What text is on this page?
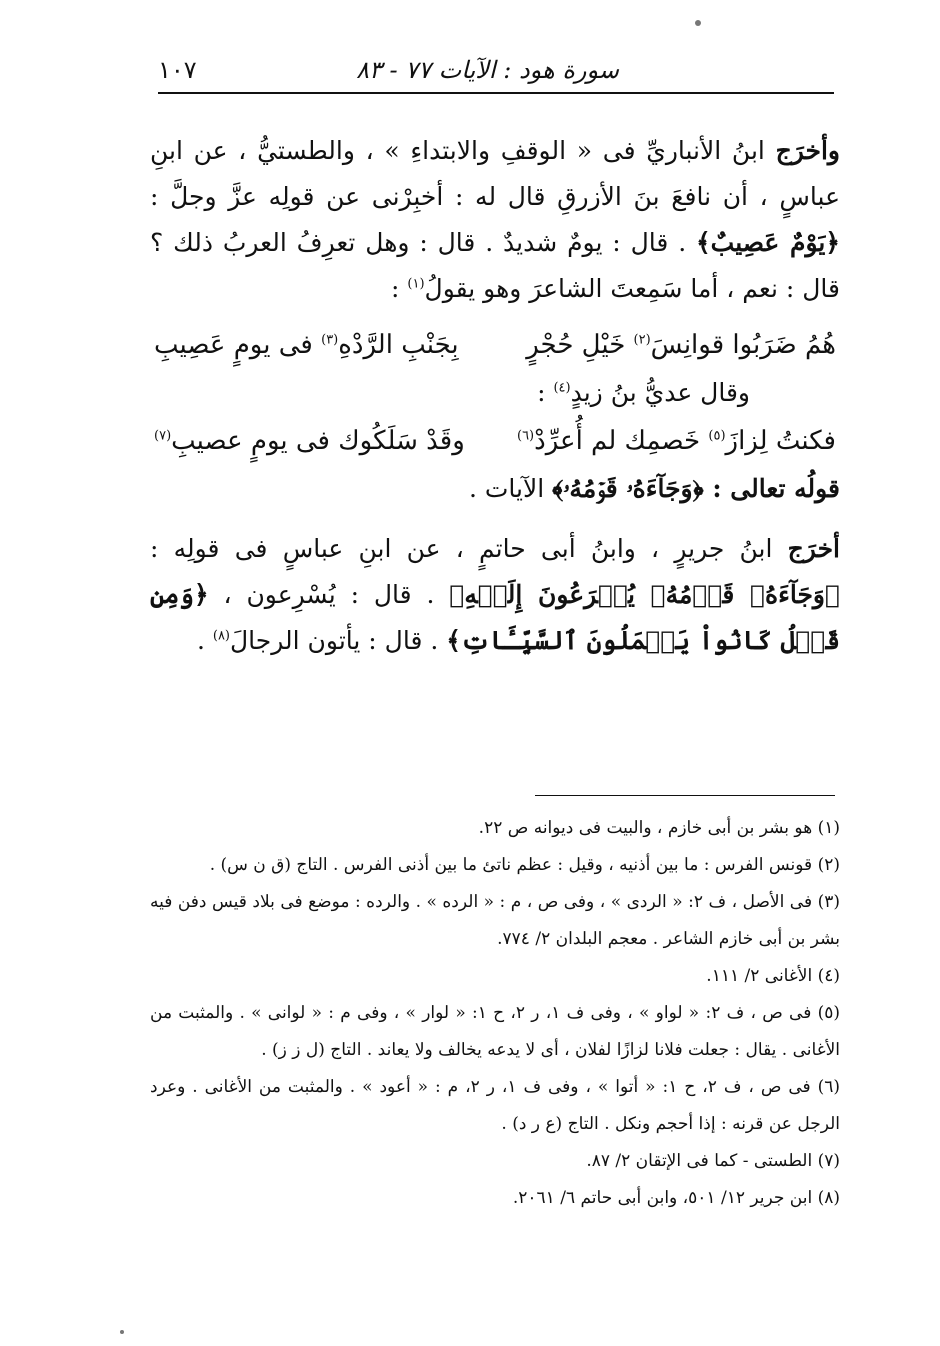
سورة هود : الآيات ٧٧ - ٨٣
١٠٧

وأخرَج ابنُ الأنباريِّ فى « الوقفِ والابتداءِ » ، والطستيُّ ، عن ابنِ عباسٍ ، أن نافعَ بنَ الأزرقِ قال له : أخبِرْنى عن قولِه عزَّ وجلَّ : ﴿يَوْمٌ عَصِيبٌ﴾ . قال : يومٌ شديدٌ . قال : وهل تعرِفُ العربُ ذلك ؟ قال : نعم ، أما سَمِعتَ الشاعرَ وهو يقولُ$^{(١)}$ :

هُمُ ضَرَبُوا قوانِسَ$^{(٢)}$ خَيْلِ حُجْرٍ
بِجَنْبِ الرَّدْهِ$^{(٣)}$ فى يومٍ عَصِيبِ

وقال عديُّ بنُ زيدٍ$^{(٤)}$ :

فكنتُ لِزازَ$^{(٥)}$ خَصمِك لم أُعرِّدْ$^{(٦)}$
وقَدْ سَلَكُوك فى يومٍ عصيبِ$^{(٧)}$

قولُه تعالى : ﴿وَجَآءَهُۥ قَوۡمُهُۥ﴾ الآيات .

أخرَج ابنُ جريرٍ ، وابنُ أبى حاتمٍ ، عن ابنِ عباسٍ فى قولِه : ﴿وَجَآءَهُۥ قَوۡمُهُۥ يُهۡرَعُونَ إِلَيۡهِ﴾ . قال : يُسْرِعون ، ﴿وَمِن قَبۡلُ كَانُواْ يَعۡمَلُونَ ٱلسَّيِّـَٔاتِ﴾ . قال : يأتون الرجالَ$^{(٨)}$ .

(١) هو بشر بن أبى خازم ، والبيت فى ديوانه ص ٢٢.

(٢) قونس الفرس : ما بين أذنيه ، وقيل : عظم ناتئ ما بين أذنى الفرس . التاج (ق ن س) .

(٣) فى الأصل ، ف ٢: « الردى » ، وفى ص ، م : « الرده » . والرده : موضع فى بلاد قيس دفن فيه بشر بن أبى خازم الشاعر . معجم البلدان ٢/ ٧٧٤.

(٤) الأغانى ٢/ ١١١.

(٥) فى ص ، ف ٢: « لواو » ، وفى ف ١، ر ٢، ح ١: « لوار » ، وفى م : « لوانى » . والمثبت من الأغانى . يقال : جعلت فلانا لزازًا لفلان ، أى لا يدعه يخالف ولا يعاند . التاج (ل ز ز) .

(٦) فى ص ، ف ٢، ح ١: « أتوا » ، وفى ف ١، ر ٢، م : « أعود » . والمثبت من الأغانى . وعرد الرجل عن قرنه : إذا أحجم ونكل . التاج (ع ر د) .

(٧) الطستى - كما فى الإتقان ٢/ ٨٧.

(٨) ابن جرير ١٢/ ٥٠١، وابن أبى حاتم ٦/ ٢٠٦١.
